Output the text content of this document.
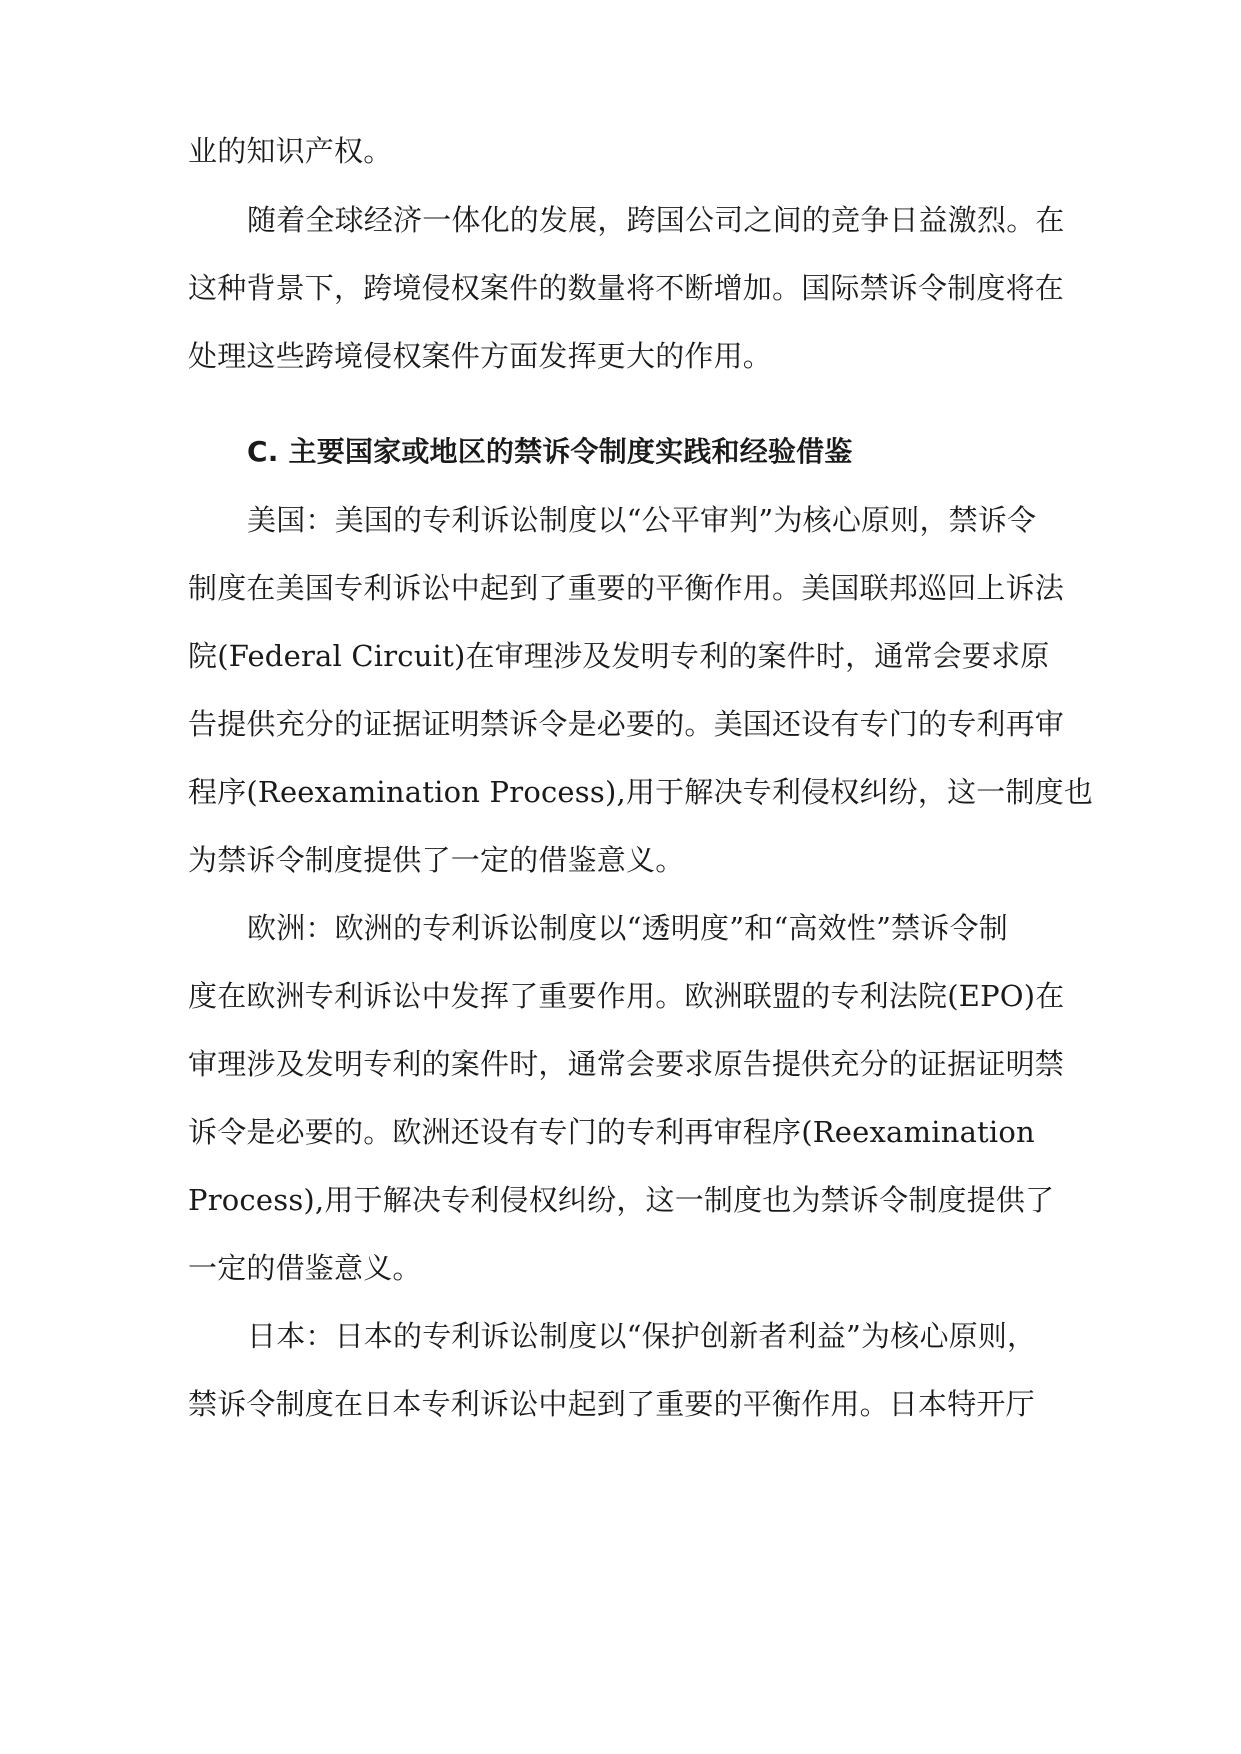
业的知识产权。
随着全球经济一体化的发展，跨国公司之间的竞争日益激烈。在
这种背景下，跨境侵权案件的数量将不断增加。国际禁诉令制度将在
处理这些跨境侵权案件方面发挥更大的作用。
C. 主要国家或地区的禁诉令制度实践和经验借鉴
美国：美国的专利诉讼制度以“公平审判”为核心原则，禁诉令
制度在美国专利诉讼中起到了重要的平衡作用。美国联邦巡回上诉法
院(Federal Circuit)在审理涉及发明专利的案件时，通常会要求原
告提供充分的证据证明禁诉令是必要的。美国还设有专门的专利再审
程序(Reexamination Process),用于解决专利侵权纠纷，这一制度也
为禁诉令制度提供了一定的借鉴意义。
欧洲：欧洲的专利诉讼制度以“透明度”和“高效性”禁诉令制
度在欧洲专利诉讼中发挥了重要作用。欧洲联盟的专利法院(EPO)在
审理涉及发明专利的案件时，通常会要求原告提供充分的证据证明禁
诉令是必要的。欧洲还设有专门的专利再审程序(Reexamination
Process),用于解决专利侵权纠纷，这一制度也为禁诉令制度提供了
一定的借鉴意义。
日本：日本的专利诉讼制度以“保护创新者利益”为核心原则，
禁诉令制度在日本专利诉讼中起到了重要的平衡作用。日本特开厅
